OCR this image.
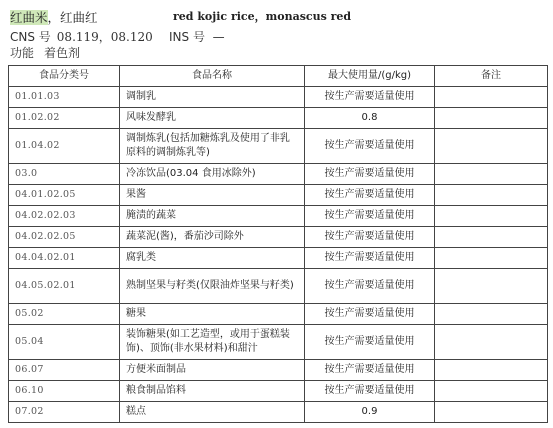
红曲米，红曲红	red kojic rice，monascus red
CNS 号 08.119，08.120 INS 号 —
功能 着色剂
食品分类号	食品名称	最大使用量/(g/kg)	备注
01.01.03	调制乳	按生产需要适量使用	
01.02.02	风味发酵乳	0.8	
01.04.02	调制炼乳(包括加糖炼乳及使用了非乳原料的调制炼乳等)	按生产需要适量使用	
03.0	冷冻饮品(03.04 食用冰除外)	按生产需要适量使用	
04.01.02.05	果酱	按生产需要适量使用	
04.02.02.03	腌渍的蔬菜	按生产需要适量使用	
04.02.02.05	蔬菜泥(酱)，番茄沙司除外	按生产需要适量使用	
04.04.02.01	腐乳类	按生产需要适量使用	
04.05.02.01	熟制坚果与籽类(仅限油炸坚果与籽类)	按生产需要适量使用	
05.02	糖果	按生产需要适量使用	
05.04	装饰糖果(如工艺造型，或用于蛋糕装饰)、顶饰(非水果材料)和甜汁	按生产需要适量使用	
06.07	方便米面制品	按生产需要适量使用	
06.10	粮食制品馅料	按生产需要适量使用	
07.02	糕点	0.9	
